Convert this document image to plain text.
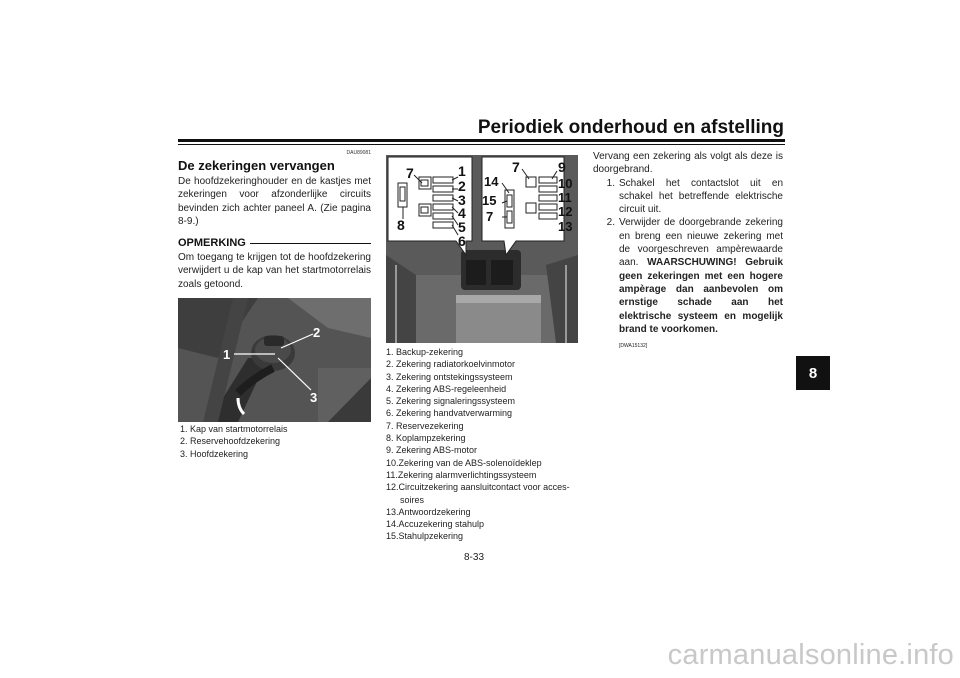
Periodiek onderhoud en afstelling
8
DAU89081
De zekeringen vervangen
De hoofdzekeringhouder en de kastjes met zekeringen voor afzonderlijke circuits bevinden zich achter paneel A. (Zie pagina 8-9.)
OPMERKING
Om toegang te krijgen tot de hoofdzekering verwijdert u de kap van het startmotorrelais zoals getoond.
1
2
3
1. Kap van startmotorrelais
2. Reservehoofdzekering
3. Hoofdzekering
7	1
2
3
4
5
6
8
7	9
14	10
15	11
7	12
13
1. Backup-zekering
2. Zekering radiatorkoelvinmotor
3. Zekering ontstekingssysteem
4. Zekering ABS-regeleenheid
5. Zekering signaleringssysteem
6. Zekering handvatverwarming
7. Reservezekering
8. Koplampzekering
9. Zekering ABS-motor
10.Zekering van de ABS-solenoïdeklep
11.Zekering alarmverlichtingssysteem
12.Circuitzekering aansluitcontact voor acces-
soires
13.Antwoordzekering
14.Accuzekering stahulp
15.Stahulpzekering
Vervang een zekering als volgt als deze is doorgebrand.
1. Schakel het contactslot uit en schakel het betreffende elektrische circuit uit.
2. Verwijder de doorgebrande zekering en breng een nieuwe zekering met de voorgeschreven ampèrewaarde aan. WAARSCHUWING! Gebruik geen zekeringen met een hogere ampèrage dan aanbevolen om ernstige schade aan het elektrische systeem en mogelijk brand te voorkomen.
[DWA15132]
8-33
carmanualsonline.info
